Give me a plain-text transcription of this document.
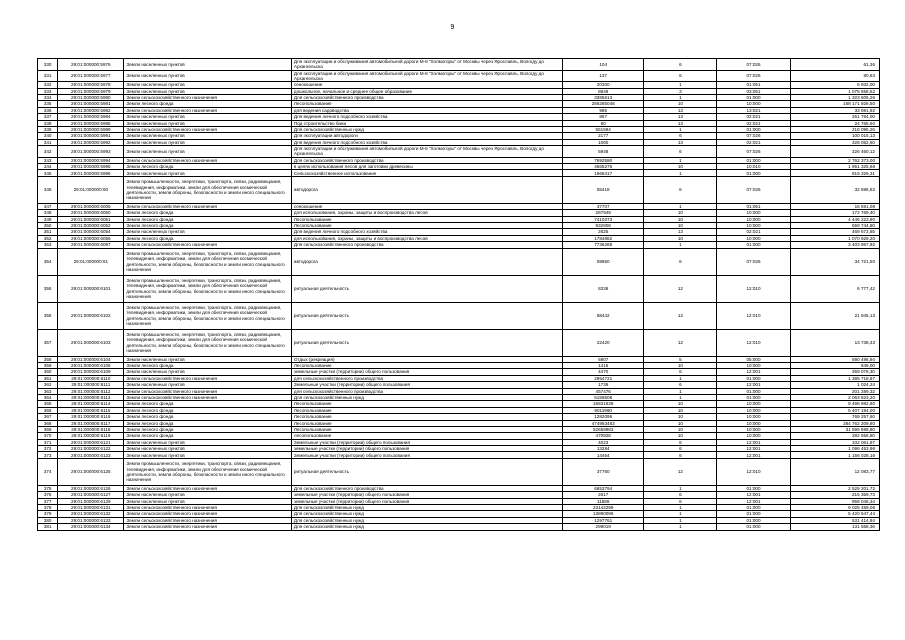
9
330	29:01:000000:5976	Земли населенных пунктов	Для эксплуатации и обслуживания автомобильной дороги М-8 "Холмогоры" от Москвы через Ярославль, Вологду до Архангельска	104	6	07:026	61,36
331	29:01:000000:5977	Земли населенных пунктов	Для эксплуатации и обслуживания автомобильной дороги М-8 "Холмогоры" от Москвы через Ярославль, Вологду до Архангельска	137	6	07:026	80,83
332	29:01:000000:5978	Земли населенных пунктов	сенокошение	20300	1	01:051	6 932,00
333	29:01:000000:5979	Земли населенных пунктов	дошкольное, начальное и среднее общее образование	8848	3	03:051	1 075 558,52
334	29:01:000000:5980	Земли сельскохозяйственного назначения	Для сельскохозяйственного производства	3385613	1	01:000	1 323 605,26
335	29:01:000000:5981	Земли лесного фонда	Лесопользование	286285048	10	10:000	168 171 928,50
336	29:01:000000:5982	Земли сельскохозяйственного назначения	для ведения садоводства	985	13	13:021	33 691,92
337	29:01:000000:5984	Земли населенных пунктов	Для ведения личного подсобного хозяйства	867	13	02:021	251 784,00
338	29:01:000000:5985	Земли населенных пунктов	Под строительство бани	80	13	02:021	24 765,60
339	29:01:000000:5989	Земли сельскохозяйственного назначения	Для сельскохозяйственных нужд	551594	1	01:000	215 095,26
340	29:01:000000:5991	Земли населенных пунктов	Для эксплуатации автодороги	2177	6	07:026	100 015,13
341	29:01:000000:5992	Земли населенных пунктов	Для ведения личного подсобного хозяйства	1060	13	02:021	328 052,60
342	29:01:000000:5993	Земли населенных пунктов	Для эксплуатации и обслуживания автомобильной дороги М-8 "Холмогоры" от Москвы через Ярославль, Вологду до Архангельска	5948	6	07:026	326 460,12
343	29:01:000000:5994	Земли сельскохозяйственного назначения	Для сельскохозяйственного производства	7692590	1	01:000	2 762 373,00
344	29:01:000000:5995	Земли лесного фонда	в целях использования лесов для заготовки древесины	4665276	10	10:010	1 951 325,68
345	29:01:000000:5996	Земли населенных пунктов	Сельскохозяйственное использование	1966417	1	01:000	819 329,31
346	29:01:000000:60	Земли промышленности, энергетики, транспорта, связи, радиовещания, телевидения, информатики, земли для обеспечения космической деятельности, земли обороны, безопасности и земли иного специального назначения	автодорога	55418	6	07:026	32 696,62
347	29:01:000000:6005	Земли сельскохозяйственного назначения	сенокошение	37707	1	01:051	16 591,08
348	29:01:000000:6050	Земли лесного фонда	для использования, охраны, защиты и воспроизводства лесов	287949	10	10:000	172 769,40
349	29:01:000000:6051	Земли лесного фонда	Лесопользование	7410373	10	10:000	4 446 223,80
350	29:01:000000:6052	Земли лесного фонда	Лесопользование	932808	10	10:000	559 744,80
351	29:01:000000:6054	Земли населенных пунктов	Для ведения личного подсобного хозяйства	2625	13	02:021	469 672,65
352	29:01:000000:6056	Земли лесного фонда	для использования, охраны, защиты и воспроизводства лесов	1784882	10	10:000	1 070 929,20
353	29:01:000000:6097	Земли сельскохозяйственного назначения	Для сельскохозяйственного производства	7736268	1	01:000	3 403 957,92
354	29:01:000000:61	Земли промышленности, энергетики, транспорта, связи, радиовещания, телевидения, информатики, земли для обеспечения космической деятельности, земли обороны, безопасности и земли иного специального назначения	автодорога	59850	6	07:026	34 721,50
355	29:01:000000:6101	Земли промышленности, энергетики, транспорта, связи, радиовещания, телевидения, информатики, земли для обеспечения космической деятельности, земли обороны, безопасности и земли иного специального назначения	ритуальная деятельность	8336	12	12:010	6 777,42
356	29:01:000000:6102	Земли промышленности, энергетики, транспорта, связи, радиовещания, телевидения, информатики, земли для обеспечения космической деятельности, земли обороны, безопасности и земли иного специального назначения	ритуальная деятельность	58442	12	12:010	21 945,13
357	29:01:000000:6103	Земли промышленности, энергетики, транспорта, связи, радиовещания, телевидения, информатики, земли для обеспечения космической деятельности, земли обороны, безопасности и земли иного специального назначения	ритуальная деятельность	22420	12	12:010	13 738,43
358	29:01:000000:6104	Земли населенных пунктов	Отдых (рекреация)	6907	5	05:000	690 496,94
359	29:01:000000:6108	Земли лесного фонда	Лесопользование	1415	10	10:000	849,00
360	29:01:000000:6109	Земли населенных пунктов	земельные участки (территории) общего пользования	4470	6	12:001	369 078,30
361	29:01:000000:6110	Земли сельскохозяйственного назначения	для сельскохозяйственного производства	2954721	1	01:000	1 385 718,87
362	29:01:000000:6111	Земли населенных пунктов	Земельные участки (территории) общего пользования	1736	6	12:001	1 024,24
363	29:01:000000:6112	Земли сельскохозяйственного назначения	для сельскохозяйственного производства	457476	1	01:000	201 289,32
364	29:01:000000:6113	Земли сельскохозяйственного назначения	Для сельскохозяйственных нужд	5159508	1	01:000	2 063 823,20
365	29:01:000000:6114	Земли лесного фонда	Лесопользование	15831638	10	10:000	9 498 982,80
366	29:01:000000:6115	Земли лесного фонда	Лесопользование	9011990	10	10:000	5 407 194,00
367	29:01:000000:6116	Земли лесного фонда	Лесопользование	1282096	10	10:000	769 257,60
368	29:01:000000:6117	Земли лесного фонда	Лесопользование	474963483	10	10:000	284 762 209,80
369	29:01:000000:6118	Земли лесного фонда	Лесопользование	52659983	10	10:000	31 595 989,80
370	29:01:000000:6119	Земли лесного фонда	лесопользование	470928	10	10:000	282 556,80
371	29:01:000000:6121	Земли населенных пунктов	Земельные участки (территории) общего пользования	4023	6	12:001	332 061,87
372	29:01:000000:6122	Земли населенных пунктов	земельные участки (территории) общего пользования	13284	6	12:001	1 096 453,96
373	29:01:000000:6123	Земли населенных пунктов	Земельные участки (территории) общего пользования	14464	6	12:001	1 156 028,16
374	29:01:000000:6125	Земли промышленности, энергетики, транспорта, связи, радиовещания, телевидения, информатики, земли для обеспечения космической деятельности, земли обороны, безопасности и земли иного специального назначения	ритуальная деятельность	37760	12	12:010	12 083,77
375	29:01:000000:6126	Земли сельскохозяйственного назначения	Для сельскохозяйственного производства	6653794	1	01:000	2 529 201,72
376	29:01:000000:6127	Земли населенных пунктов	земельные участки (территории) общего пользования	2617	6	12:001	215 359,73
377	29:01:000000:6129	Земли населенных пунктов	земельные участки (территории) общего пользования	11586	6	12:001	958 046,34
378	29:01:000000:6131	Земли сельскохозяйственного назначения	Для сельскохозяйственных нужд	23142299	1	01:000	9 025 459,08
379	29:01:000000:6132	Земли сельскохозяйственного назначения	Для сельскохозяйственных нужд	13890096	1	01:000	5 420 647,44
380	29:01:000000:6133	Земли сельскохозяйственного назначения	Для сельскохозяйственных нужд	1297761	1	01:000	531 414,84
381	29:01:000000:6134	Земли сельскохозяйственного назначения	Для сельскохозяйственных нужд	299019	1	01:000	131 568,36
